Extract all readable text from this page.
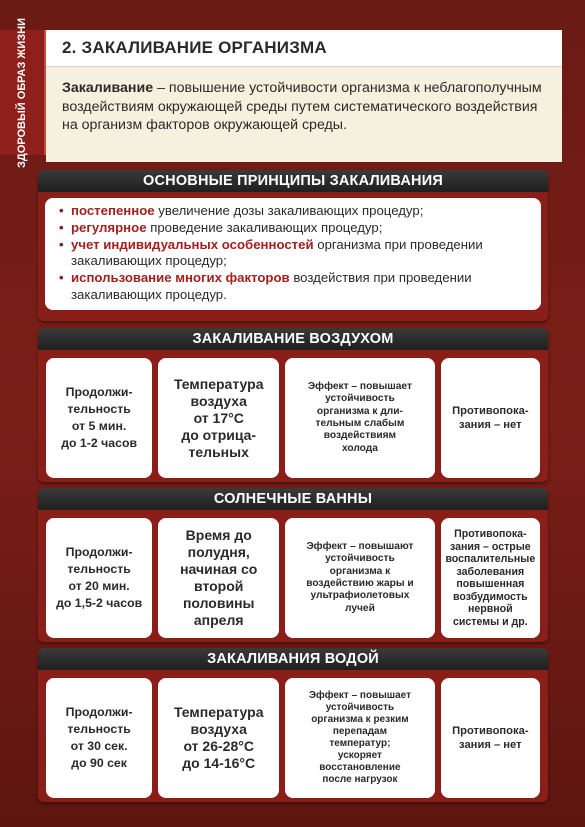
ЗДОРОВЫЙ ОБРАЗ ЖИЗНИ 2. ЗАКАЛИВАНИЕ ОРГАНИЗМА
Закаливание – повышение устойчивости организма к неблагополучным воздействиям окружающей среды путем систематического воздействия на организм факторов окружающей среды.
ОСНОВНЫЕ ПРИНЦИПЫ ЗАКАЛИВАНИЯ
• постепенное увеличение дозы закаливающих процедур;
• регулярное проведение закаливающих процедур;
• учет индивидуальных особенностей организма при проведении закаливающих процедур;
• использование многих факторов воздействия при проведении закаливающих процедур.
ЗАКАЛИВАНИЕ ВОЗДУХОМ
Продолжи-
тельность
от 5 мин.
до 1-2 часов
Температура
воздуха
от 17°С
до отрица-
тельных
Эффект – повышает
устойчивость
организма к дли-
тельным слабым
воздействиям
холода
Противопока-
зания – нет
СОЛНЕЧНЫЕ ВАННЫ
Продолжи-
тельность
от 20 мин.
до 1,5-2 часов
Время до
полудня,
начиная со
второй
половины
апреля
Эффект – повышают
устойчивость
организма к
воздействию жары и
ультрафиолетовых
лучей
Противопока-
зания – острые
воспалительные
заболевания
повышенная
возбудимость
нервной
системы и др.
ЗАКАЛИВАНИЯ ВОДОЙ
Продолжи-
тельность
от 30 сек.
до 90 сек
Температура
воздуха
от 26-28°С
до 14-16°С
Эффект – повышает
устойчивость
организма к резким
перепадам
температур;
ускоряет
восстановление
после нагрузок
Противопока-
зания – нет
